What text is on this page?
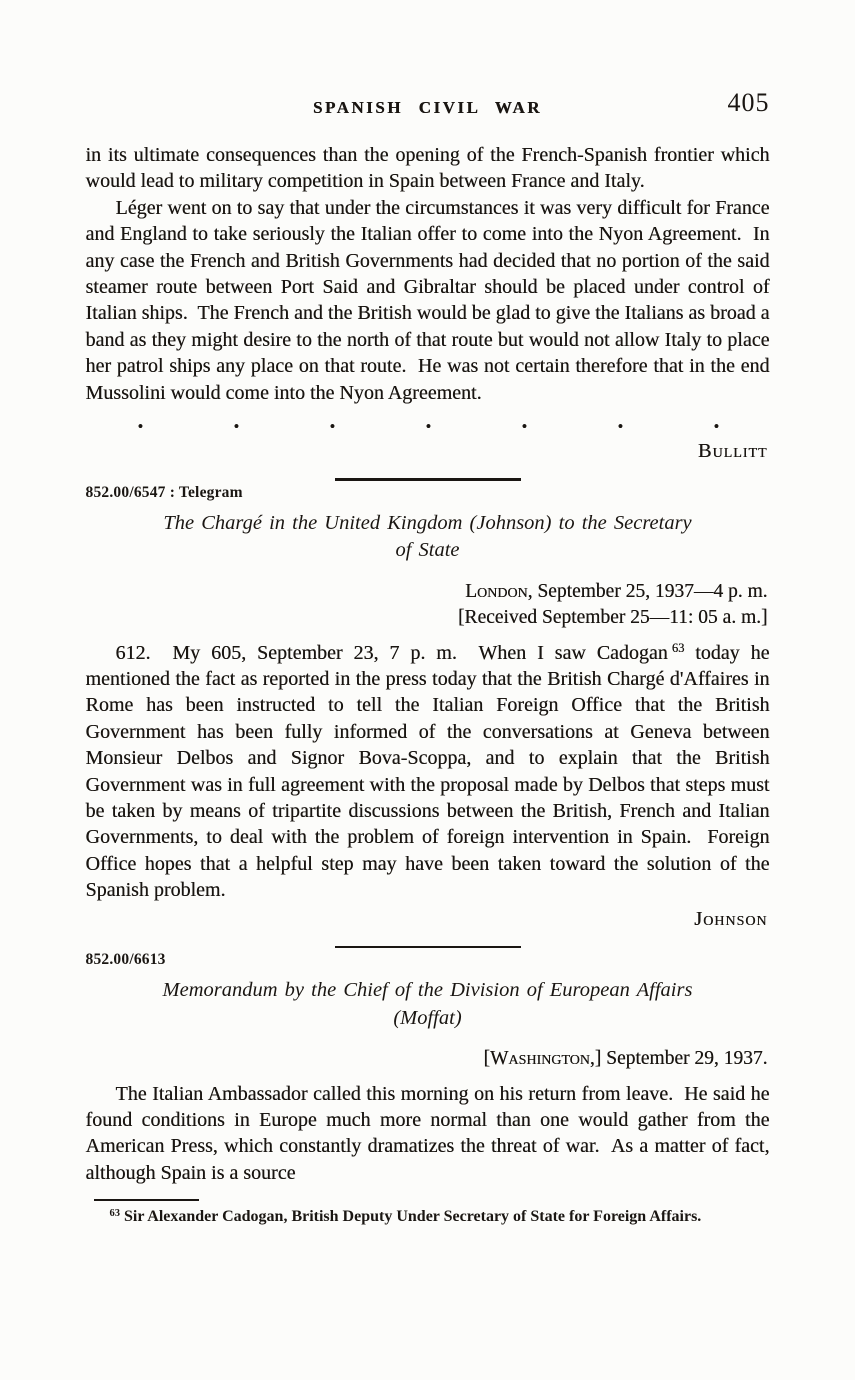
SPANISH CIVIL WAR	405

in its ultimate consequences than the opening of the French-Spanish frontier which would lead to military competition in Spain between France and Italy.

Léger went on to say that under the circumstances it was very difficult for France and England to take seriously the Italian offer to come into the Nyon Agreement.  In any case the French and British Governments had decided that no portion of the said steamer route between Port Said and Gibraltar should be placed under control of Italian ships.  The French and the British would be glad to give the Italians as broad a band as they might desire to the north of that route but would not allow Italy to place her patrol ships any place on that route.  He was not certain therefore that in the end Mussolini would come into the Nyon Agreement.

•	•	•	•	•	•	•
Bullitt
852.00/6547 : Telegram
The Chargé in the United Kingdom (Johnson) to the Secretary
of State
London, September 25, 1937—4 p. m.
[Received September 25—11: 05 a. m.]

612.  My 605, September 23, 7 p. m.  When I saw Cadogan $^{63}$ today he mentioned the fact as reported in the press today that the British Chargé d'Affaires in Rome has been instructed to tell the Italian Foreign Office that the British Government has been fully informed of the conversations at Geneva between Monsieur Delbos and Signor Bova-Scoppa, and to explain that the British Government was in full agreement with the proposal made by Delbos that steps must be taken by means of tripartite discussions between the British, French and Italian Governments, to deal with the problem of foreign intervention in Spain.  Foreign Office hopes that a helpful step may have been taken toward the solution of the Spanish problem.

Johnson
852.00/6613
Memorandum by the Chief of the Division of European Affairs
(Moffat)
[Washington,] September 29, 1937.

The Italian Ambassador called this morning on his return from leave.  He said he found conditions in Europe much more normal than one would gather from the American Press, which constantly dramatizes the threat of war.  As a matter of fact, although Spain is a source

$^{63}$ Sir Alexander Cadogan, British Deputy Under Secretary of State for Foreign Affairs.
